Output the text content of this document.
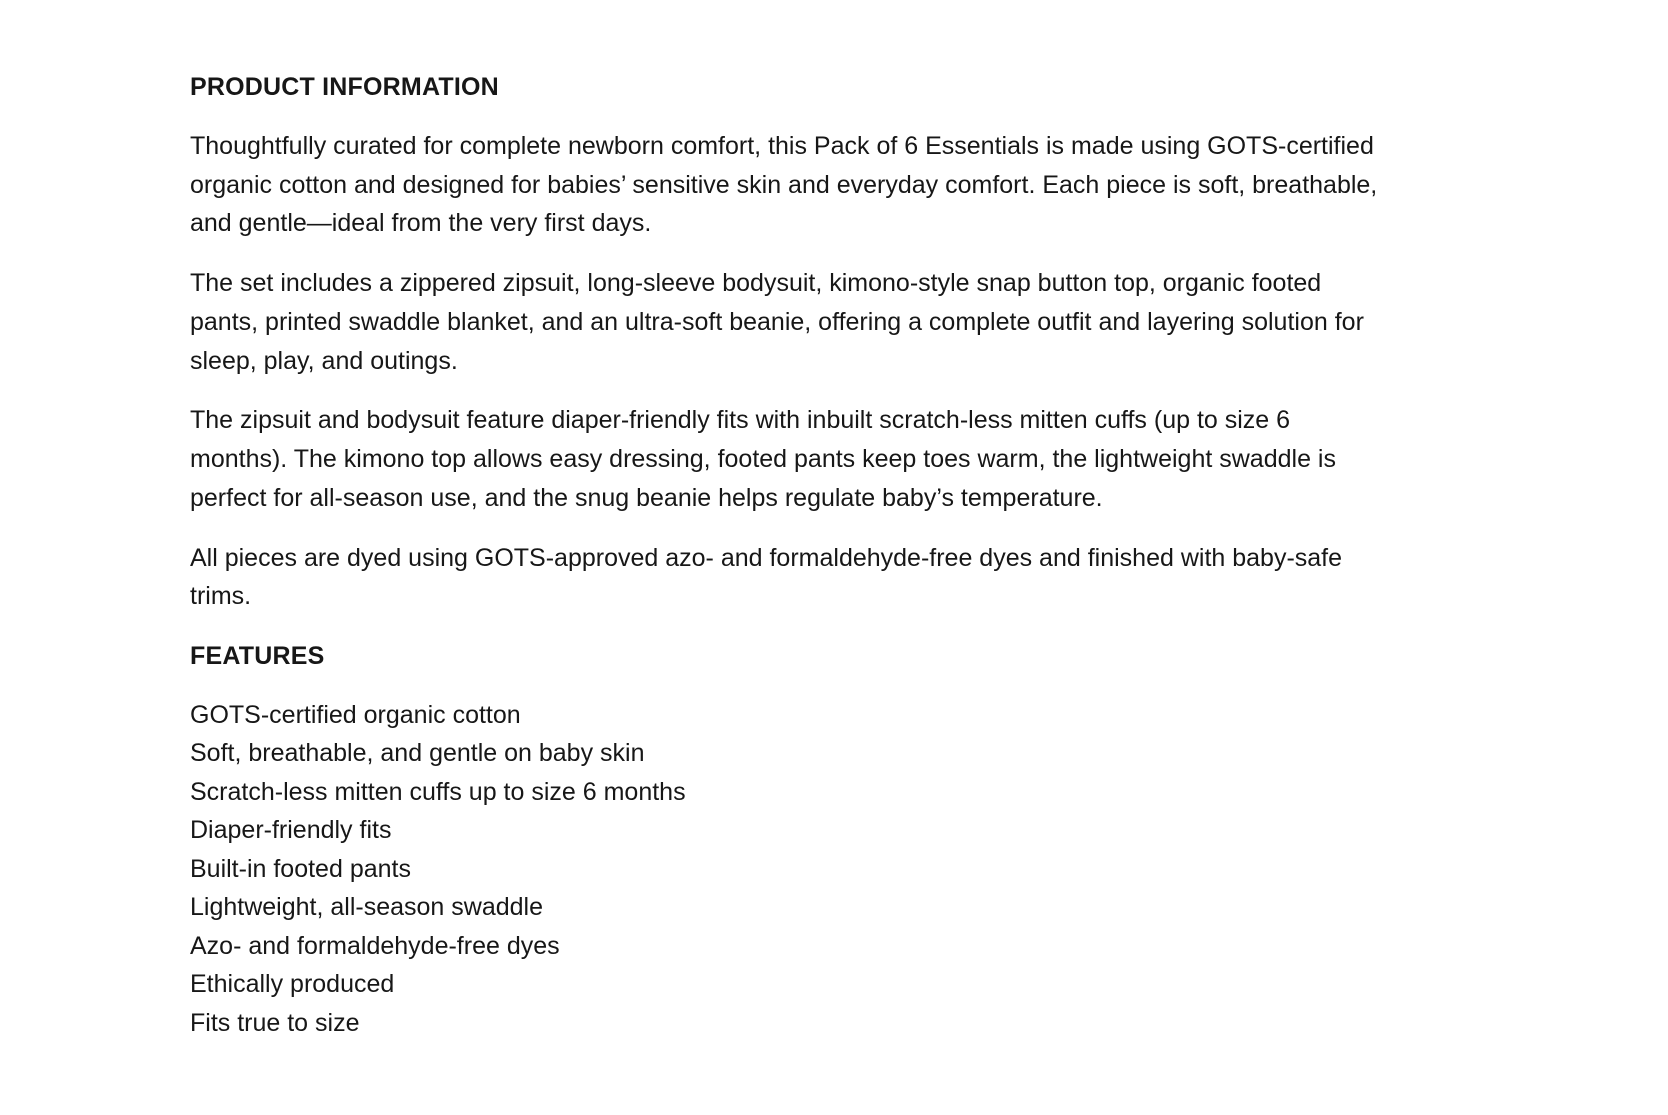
PRODUCT INFORMATION

Thoughtfully curated for complete newborn comfort, this Pack of 6 Essentials is made using GOTS-certified organic cotton and designed for babies’ sensitive skin and everyday comfort. Each piece is soft, breathable, and gentle—ideal from the very first days.

The set includes a zippered zipsuit, long-sleeve bodysuit, kimono-style snap button top, organic footed pants, printed swaddle blanket, and an ultra-soft beanie, offering a complete outfit and layering solution for sleep, play, and outings.

The zipsuit and bodysuit feature diaper-friendly fits with inbuilt scratch-less mitten cuffs (up to size 6 months). The kimono top allows easy dressing, footed pants keep toes warm, the lightweight swaddle is perfect for all-season use, and the snug beanie helps regulate baby’s temperature.

All pieces are dyed using GOTS-approved azo- and formaldehyde-free dyes and finished with baby-safe trims.

FEATURES
GOTS-certified organic cotton
Soft, breathable, and gentle on baby skin
Scratch-less mitten cuffs up to size 6 months
Diaper-friendly fits
Built-in footed pants
Lightweight, all-season swaddle
Azo- and formaldehyde-free dyes
Ethically produced
Fits true to size
